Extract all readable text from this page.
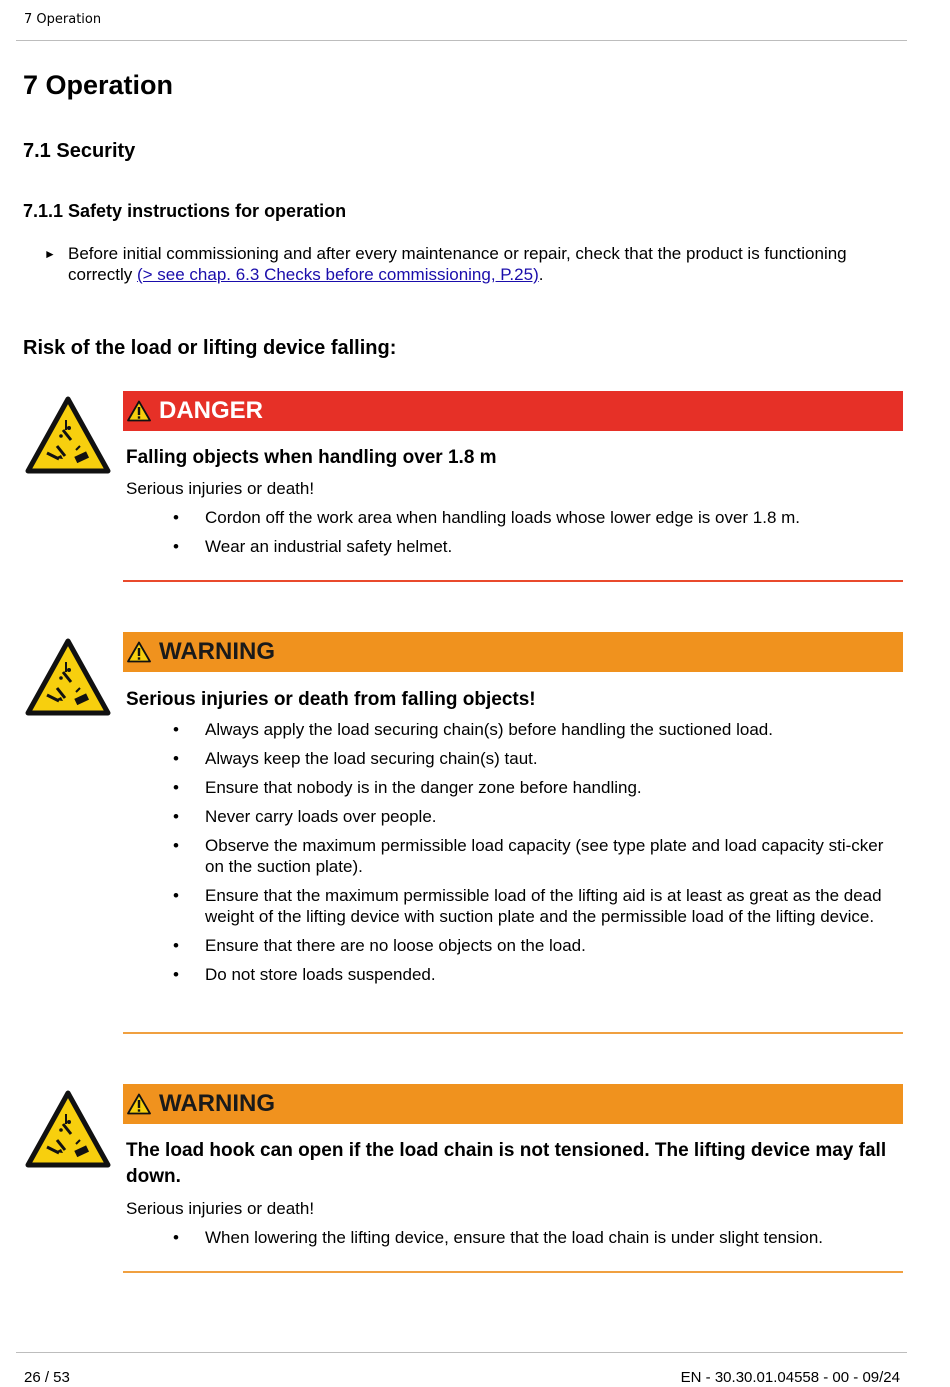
7 Operation
7 Operation
7.1 Security
7.1.1 Safety instructions for operation
► Before initial commissioning and after every maintenance or repair, check that the product is functioning correctly (> see chap. 6.3 Checks before commissioning, P.25).
Risk of the load or lifting device falling:
DANGER

Falling objects when handling over 1.8 m

Serious injuries or death!

• Cordon off the work area when handling loads whose lower edge is over 1.8 m.
• Wear an industrial safety helmet.
WARNING

Serious injuries or death from falling objects!

• Always apply the load securing chain(s) before handling the suctioned load.
• Always keep the load securing chain(s) taut.
• Ensure that nobody is in the danger zone before handling.
• Never carry loads over people.
• Observe the maximum permissible load capacity (see type plate and load capacity sti-cker on the suction plate).
• Ensure that the maximum permissible load of the lifting aid is at least as great as the dead weight of the lifting device with suction plate and the permissible load of the lifting device.
• Ensure that there are no loose objects on the load.
• Do not store loads suspended.
WARNING

The load hook can open if the load chain is not tensioned. The lifting device may fall down.

Serious injuries or death!

• When lowering the lifting device, ensure that the load chain is under slight tension.
26 / 53	EN - 30.30.01.04558 - 00 - 09/24
